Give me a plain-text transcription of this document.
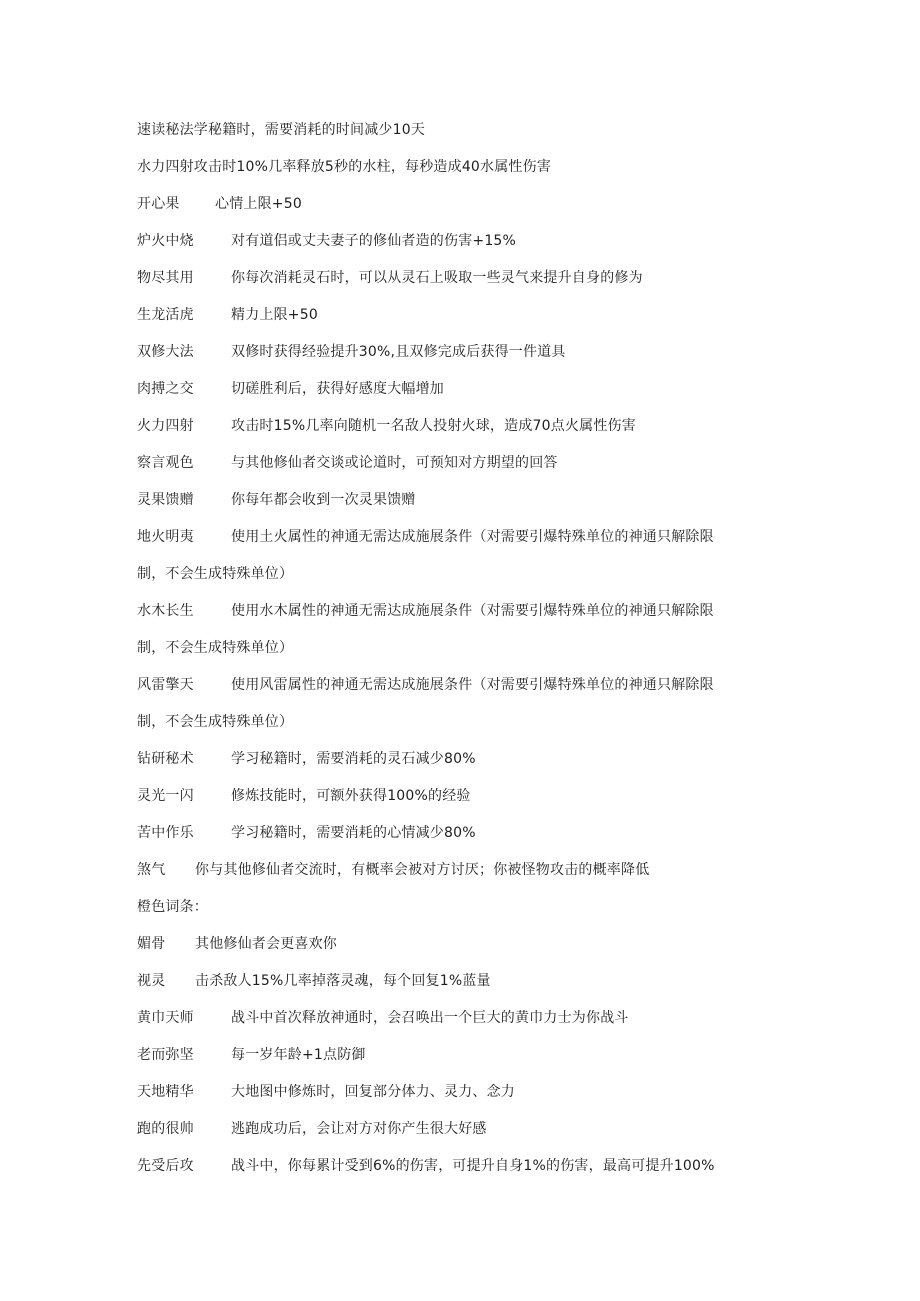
速读秘法学秘籍时，需要消耗的时间减少10天
水力四射攻击时10%几率释放5秒的水柱，每秒造成40水属性伤害
开心果	心情上限+50
炉火中烧	对有道侣或丈夫妻子的修仙者造的伤害+15%
物尽其用	你每次消耗灵石时，可以从灵石上吸取一些灵气来提升自身的修为
生龙活虎	精力上限+50
双修大法	双修时获得经验提升30%,且双修完成后获得一件道具
肉搏之交	切磋胜利后，获得好感度大幅增加
火力四射	攻击时15%几率向随机一名敌人投射火球，造成70点火属性伤害
察言观色	与其他修仙者交谈或论道时，可预知对方期望的回答
灵果馈赠	你每年都会收到一次灵果馈赠
地火明夷	使用土火属性的神通无需达成施展条件（对需要引爆特殊单位的神通只解除限
制，不会生成特殊单位）
水木长生	使用水木属性的神通无需达成施展条件（对需要引爆特殊单位的神通只解除限
制，不会生成特殊单位）
风雷擎天	使用风雷属性的神通无需达成施展条件（对需要引爆特殊单位的神通只解除限
制，不会生成特殊单位）
钻研秘术	学习秘籍时，需要消耗的灵石减少80%
灵光一闪	修炼技能时，可额外获得100%的经验
苦中作乐	学习秘籍时，需要消耗的心情减少80%
煞气 你与其他修仙者交流时，有概率会被对方讨厌；你被怪物攻击的概率降低
橙色词条：
媚骨 其他修仙者会更喜欢你
视灵 击杀敌人15%几率掉落灵魂，每个回复1%蓝量
黄巾天师	战斗中首次释放神通时，会召唤出一个巨大的黄巾力士为你战斗
老而弥坚	每一岁年龄+1点防御
天地精华	大地图中修炼时，回复部分体力、灵力、念力
跑的很帅	逃跑成功后，会让对方对你产生很大好感
先受后攻	战斗中，你每累计受到6%的伤害，可提升自身1%的伤害，最高可提升100%
